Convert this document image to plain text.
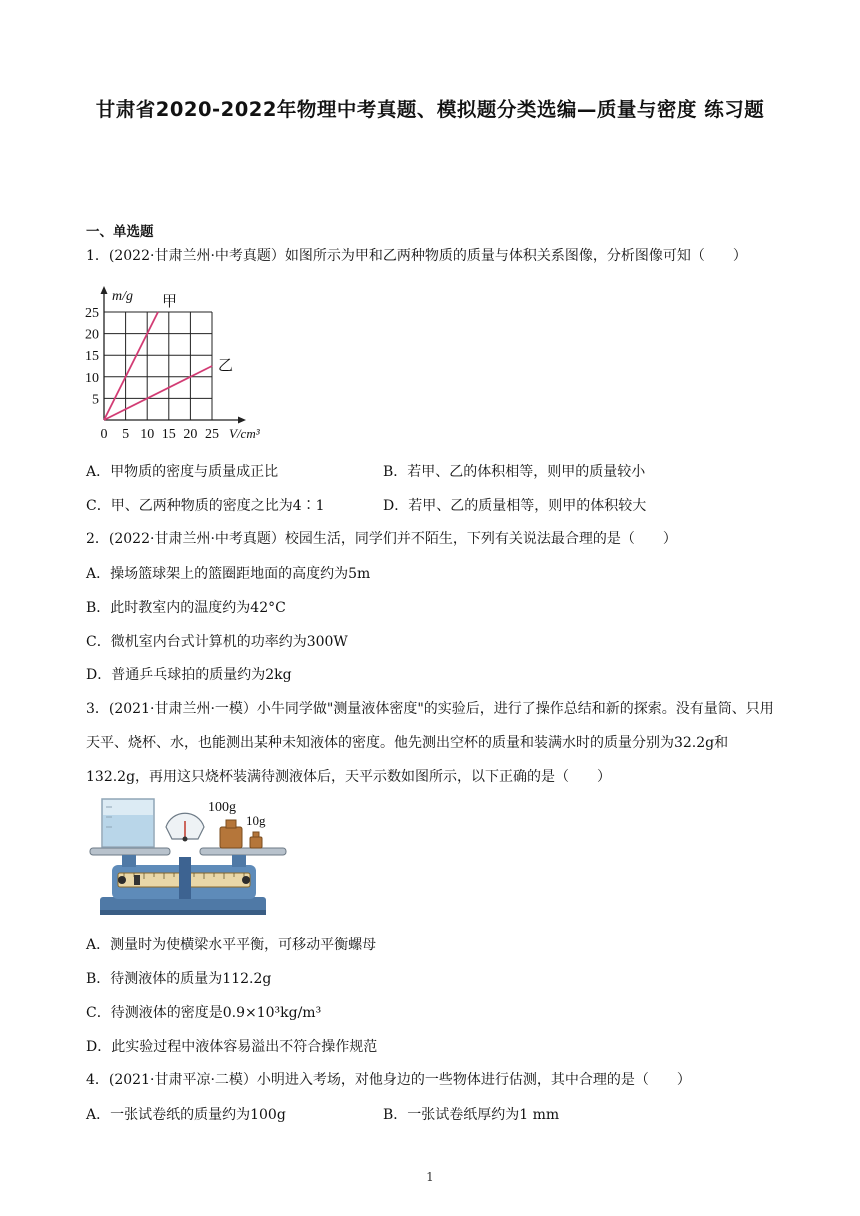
甘肃省2020-2022年物理中考真题、模拟题分类选编—质量与密度 练习题
一、单选题
1．(2022·甘肃兰州·中考真题）如图所示为甲和乙两种物质的质量与体积关系图像，分析图像可知（　　）
0 5 10 15 20 25
5
10
15
20
25
m/g
V/cm³
甲
乙
A．甲物质的密度与质量成正比	B．若甲、乙的体积相等，则甲的质量较小
C．甲、乙两种物质的密度之比为4∶1	D．若甲、乙的质量相等，则甲的体积较大
2．(2022·甘肃兰州·中考真题）校园生活，同学们并不陌生，下列有关说法最合理的是（　　）
A．操场篮球架上的篮圈距地面的高度约为5m
B．此时教室内的温度约为42°C
C．微机室内台式计算机的功率约为300W
D．普通乒乓球拍的质量约为2kg
3．(2021·甘肃兰州·一模）小牛同学做"测量液体密度"的实验后，进行了操作总结和新的探索。没有量筒、只用天平、烧杯、水，也能测出某种未知液体的密度。他先测出空杯的质量和装满水时的质量分别为32.2g和132.2g，再用这只烧杯装满待测液体后，天平示数如图所示，以下正确的是（　　）
100g
10g
A．测量时为使横梁水平平衡，可移动平衡螺母
B．待测液体的质量为112.2g
C．待测液体的密度是0.9×10³kg/m³
D．此实验过程中液体容易溢出不符合操作规范
4．(2021·甘肃平凉·二模）小明进入考场，对他身边的一些物体进行估测，其中合理的是（　　）
A．一张试卷纸的质量约为100g	B．一张试卷纸厚约为1 mm
1
